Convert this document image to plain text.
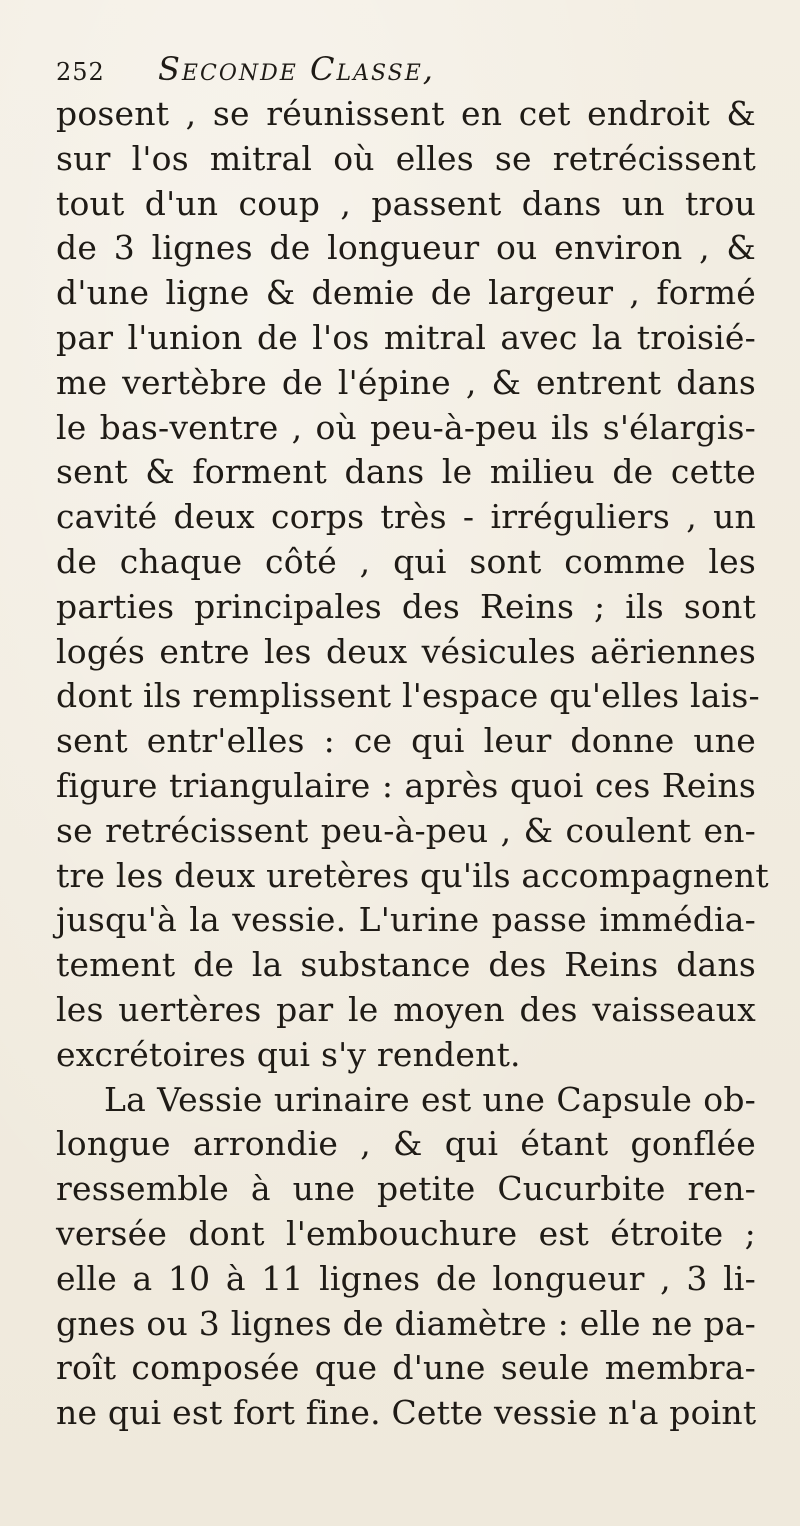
252 Seconde Classe,
posent , se réunissent en cet endroit &
sur l'os mitral où elles se retrécissent
tout d'un coup , passent dans un trou
de 3 lignes de longueur ou environ , &
d'une ligne & demie de largeur , formé
par l'union de l'os mitral avec la troisié-
me vertèbre de l'épine , & entrent dans
le bas-ventre , où peu-à-peu ils s'élargis-
sent & forment dans le milieu de cette
cavité deux corps très - irréguliers , un
de chaque côté , qui sont comme les
parties principales des Reins ; ils sont
logés entre les deux vésicules aëriennes
dont ils remplissent l'espace qu'elles lais-
sent entr'elles : ce qui leur donne une
figure triangulaire : après quoi ces Reins
se retrécissent peu-à-peu , & coulent en-
tre les deux uretères qu'ils accompagnent
jusqu'à la vessie. L'urine passe immédia-
tement de la substance des Reins dans
les uertères par le moyen des vaisseaux
excrétoires qui s'y rendent.
La Vessie urinaire est une Capsule ob-
longue arrondie , & qui étant gonflée
ressemble à une petite Cucurbite ren-
versée dont l'embouchure est étroite ;
elle a 10 à 11 lignes de longueur , 3 li-
gnes ou 3 lignes de diamètre : elle ne pa-
roît composée que d'une seule membra-
ne qui est fort fine. Cette vessie n'a point
